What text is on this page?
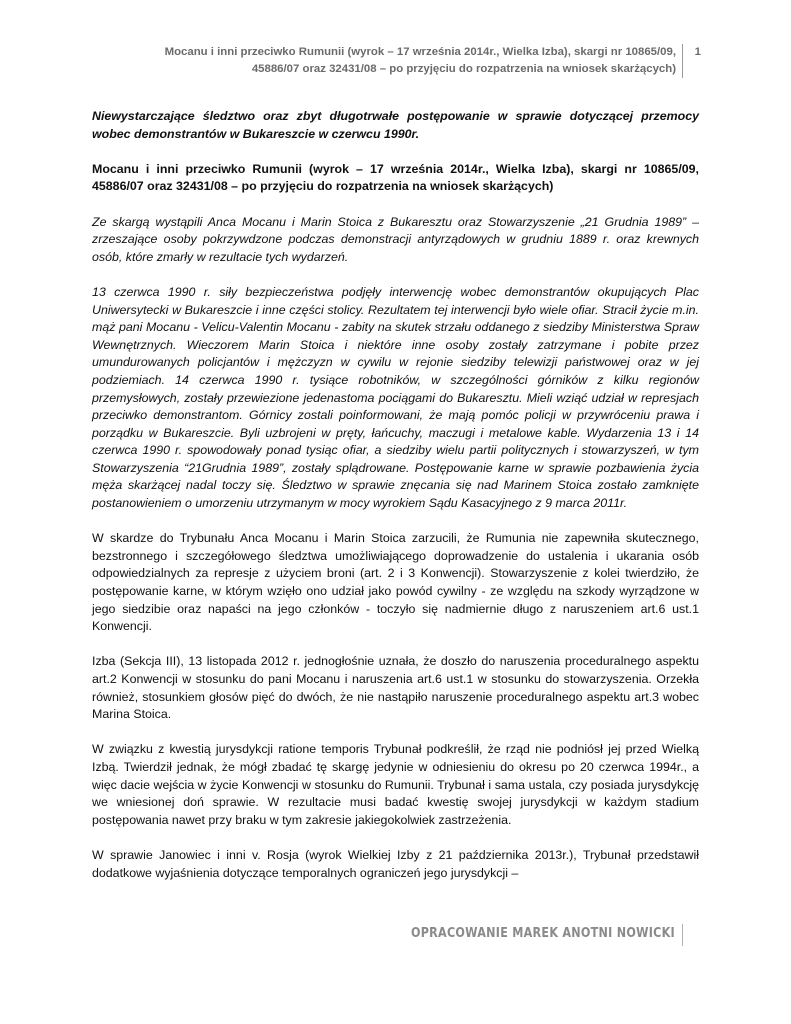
Mocanu i inni przeciwko Rumunii (wyrok – 17 września 2014r., Wielka Izba), skargi nr 10865/09, 45886/07 oraz 32431/08 – po przyjęciu do rozpatrzenia na wniosek skarżących)
1

Niewystarczające śledztwo oraz zbyt długotrwałe postępowanie w sprawie dotyczącej przemocy wobec demonstrantów w Bukareszcie w czerwcu 1990r.

Mocanu i inni przeciwko Rumunii (wyrok – 17 września 2014r., Wielka Izba), skargi nr 10865/09, 45886/07 oraz 32431/08 – po przyjęciu do rozpatrzenia na wniosek skarżących)

Ze skargą wystąpili Anca Mocanu i Marin Stoica z Bukaresztu oraz Stowarzyszenie „21 Grudnia 1989” – zrzeszające osoby pokrzywdzone podczas demonstracji antyrządowych w grudniu 1889 r. oraz krewnych osób, które zmarły w rezultacie tych wydarzeń.

13 czerwca 1990 r. siły bezpieczeństwa podjęły interwencję wobec demonstrantów okupujących Plac Uniwersytecki w Bukareszcie i inne części stolicy. Rezultatem tej interwencji było wiele ofiar. Stracił życie m.in. mąż pani Mocanu - Velicu-Valentin Mocanu - zabity na skutek strzału oddanego z siedziby Ministerstwa Spraw Wewnętrznych. Wieczorem Marin Stoica i niektóre inne osoby zostały zatrzymane i pobite przez umundurowanych policjantów i mężczyzn w cywilu w rejonie siedziby telewizji państwowej oraz w jej podziemiach. 14 czerwca 1990 r. tysiące robotników, w szczególności górników z kilku regionów przemysłowych, zostały przewiezione jedenastoma pociągami do Bukaresztu. Mieli wziąć udział w represjach przeciwko demonstrantom. Górnicy zostali poinformowani, że mają pomóc policji w przywróceniu prawa i porządku w Bukareszcie. Byli uzbrojeni w pręty, łańcuchy, maczugi i metalowe kable. Wydarzenia 13 i 14 czerwca 1990 r. spowodowały ponad tysiąc ofiar, a siedziby wielu partii politycznych i stowarzyszeń, w tym Stowarzyszenia “21Grudnia 1989”, zostały splądrowane. Postępowanie karne w sprawie pozbawienia życia męża skarżącej nadal toczy się. Śledztwo w sprawie znęcania się nad Marinem Stoica zostało zamknięte postanowieniem o umorzeniu utrzymanym w mocy wyrokiem Sądu Kasacyjnego z 9 marca 2011r.

W skardze do Trybunału Anca Mocanu i Marin Stoica zarzucili, że Rumunia nie zapewniła skutecznego, bezstronnego i szczegółowego śledztwa umożliwiającego doprowadzenie do ustalenia i ukarania osób odpowiedzialnych za represje z użyciem broni (art. 2 i 3 Konwencji). Stowarzyszenie z kolei twierdziło, że postępowanie karne, w którym wzięło ono udział jako powód cywilny - ze względu na szkody wyrządzone w jego siedzibie oraz napaści na jego członków - toczyło się nadmiernie długo z naruszeniem art.6 ust.1 Konwencji.

Izba (Sekcja III), 13 listopada 2012 r. jednogłośnie uznała, że doszło do naruszenia proceduralnego aspektu art.2 Konwencji w stosunku do pani Mocanu i naruszenia art.6 ust.1 w stosunku do stowarzyszenia. Orzekła również, stosunkiem głosów pięć do dwóch, że nie nastąpiło naruszenie proceduralnego aspektu art.3 wobec Marina Stoica.

W związku z kwestią jurysdykcji ratione temporis Trybunał podkreślił, że rząd nie podniósł jej przed Wielką Izbą. Twierdził jednak, że mógł zbadać tę skargę jedynie w odniesieniu do okresu po 20 czerwca 1994r., a więc dacie wejścia w życie Konwencji w stosunku do Rumunii. Trybunał i sama ustala, czy posiada jurysdykcję we wniesionej doń sprawie. W rezultacie musi badać kwestię swojej jurysdykcji w każdym stadium postępowania nawet przy braku w tym zakresie jakiegokolwiek zastrzeżenia.

W sprawie Janowiec i inni v. Rosja (wyrok Wielkiej Izby z 21 października 2013r.), Trybunał przedstawił dodatkowe wyjaśnienia dotyczące temporalnych ograniczeń jego jurysdykcji –

OPRACOWANIE MAREK ANOTNI NOWICKI
